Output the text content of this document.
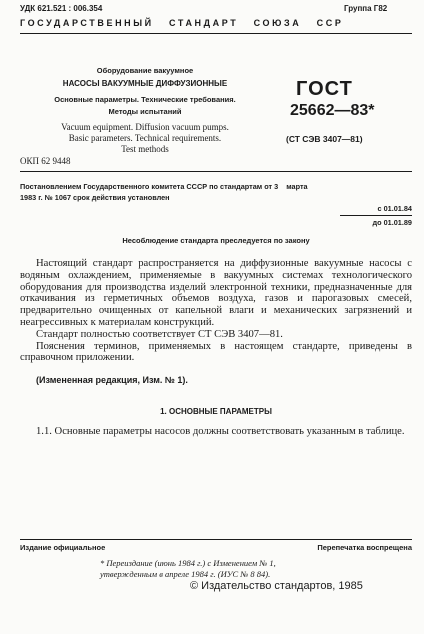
УДК 621.521 : 006.354	Группа Г82
ГОСУДАРСТВЕННЫЙ   СТАНДАРТ   СОЮЗА   ССР
Оборудование вакуумное
НАСОСЫ ВАКУУМНЫЕ ДИФФУЗИОННЫЕ
Основные параметры. Технические требования.
Методы испытаний
Vacuum equipment. Diffusion vacuum pumps.
Basic parameters. Technical requirements.
Test methods
ОКП 62 9448
ГОСТ
25662—83*
(СТ СЭВ 3407—81)
Постановлением Государственного комитета СССР по стандартам от 3    марта
1983 г. № 1067 срок действия установлен
с 01.01.84
до 01.01.89
Несоблюдение стандарта преследуется по закону

Настоящий стандарт распространяется на диффузионные вакуумные насосы с водяным охлаждением, применяемые в вакуумных системах технологического оборудования для производства изделий электронной техники, предназначенные для откачивания из герметичных объемов воздуха, газов и парогазовых смесей, предварительно очищенных от капельной влаги и механических загрязнений и неагрессивных к материалам конструкций.

Стандарт полностью соответствует СТ СЭВ 3407—81.

Пояснения терминов, применяемых в настоящем стандарте, приведены в справочном приложении.

(Измененная редакция, Изм. № 1).
1. ОСНОВНЫЕ ПАРАМЕТРЫ
1.1. Основные параметры насосов должны соответствовать указанным в таблице.
Издание официальное	Перепечатка воспрещена
* Переиздание (июнь 1984 г.) с Изменением № 1,
утвержденным в апреле 1984 г. (ИУС № 8 84).
© Издательство стандартов, 1985
